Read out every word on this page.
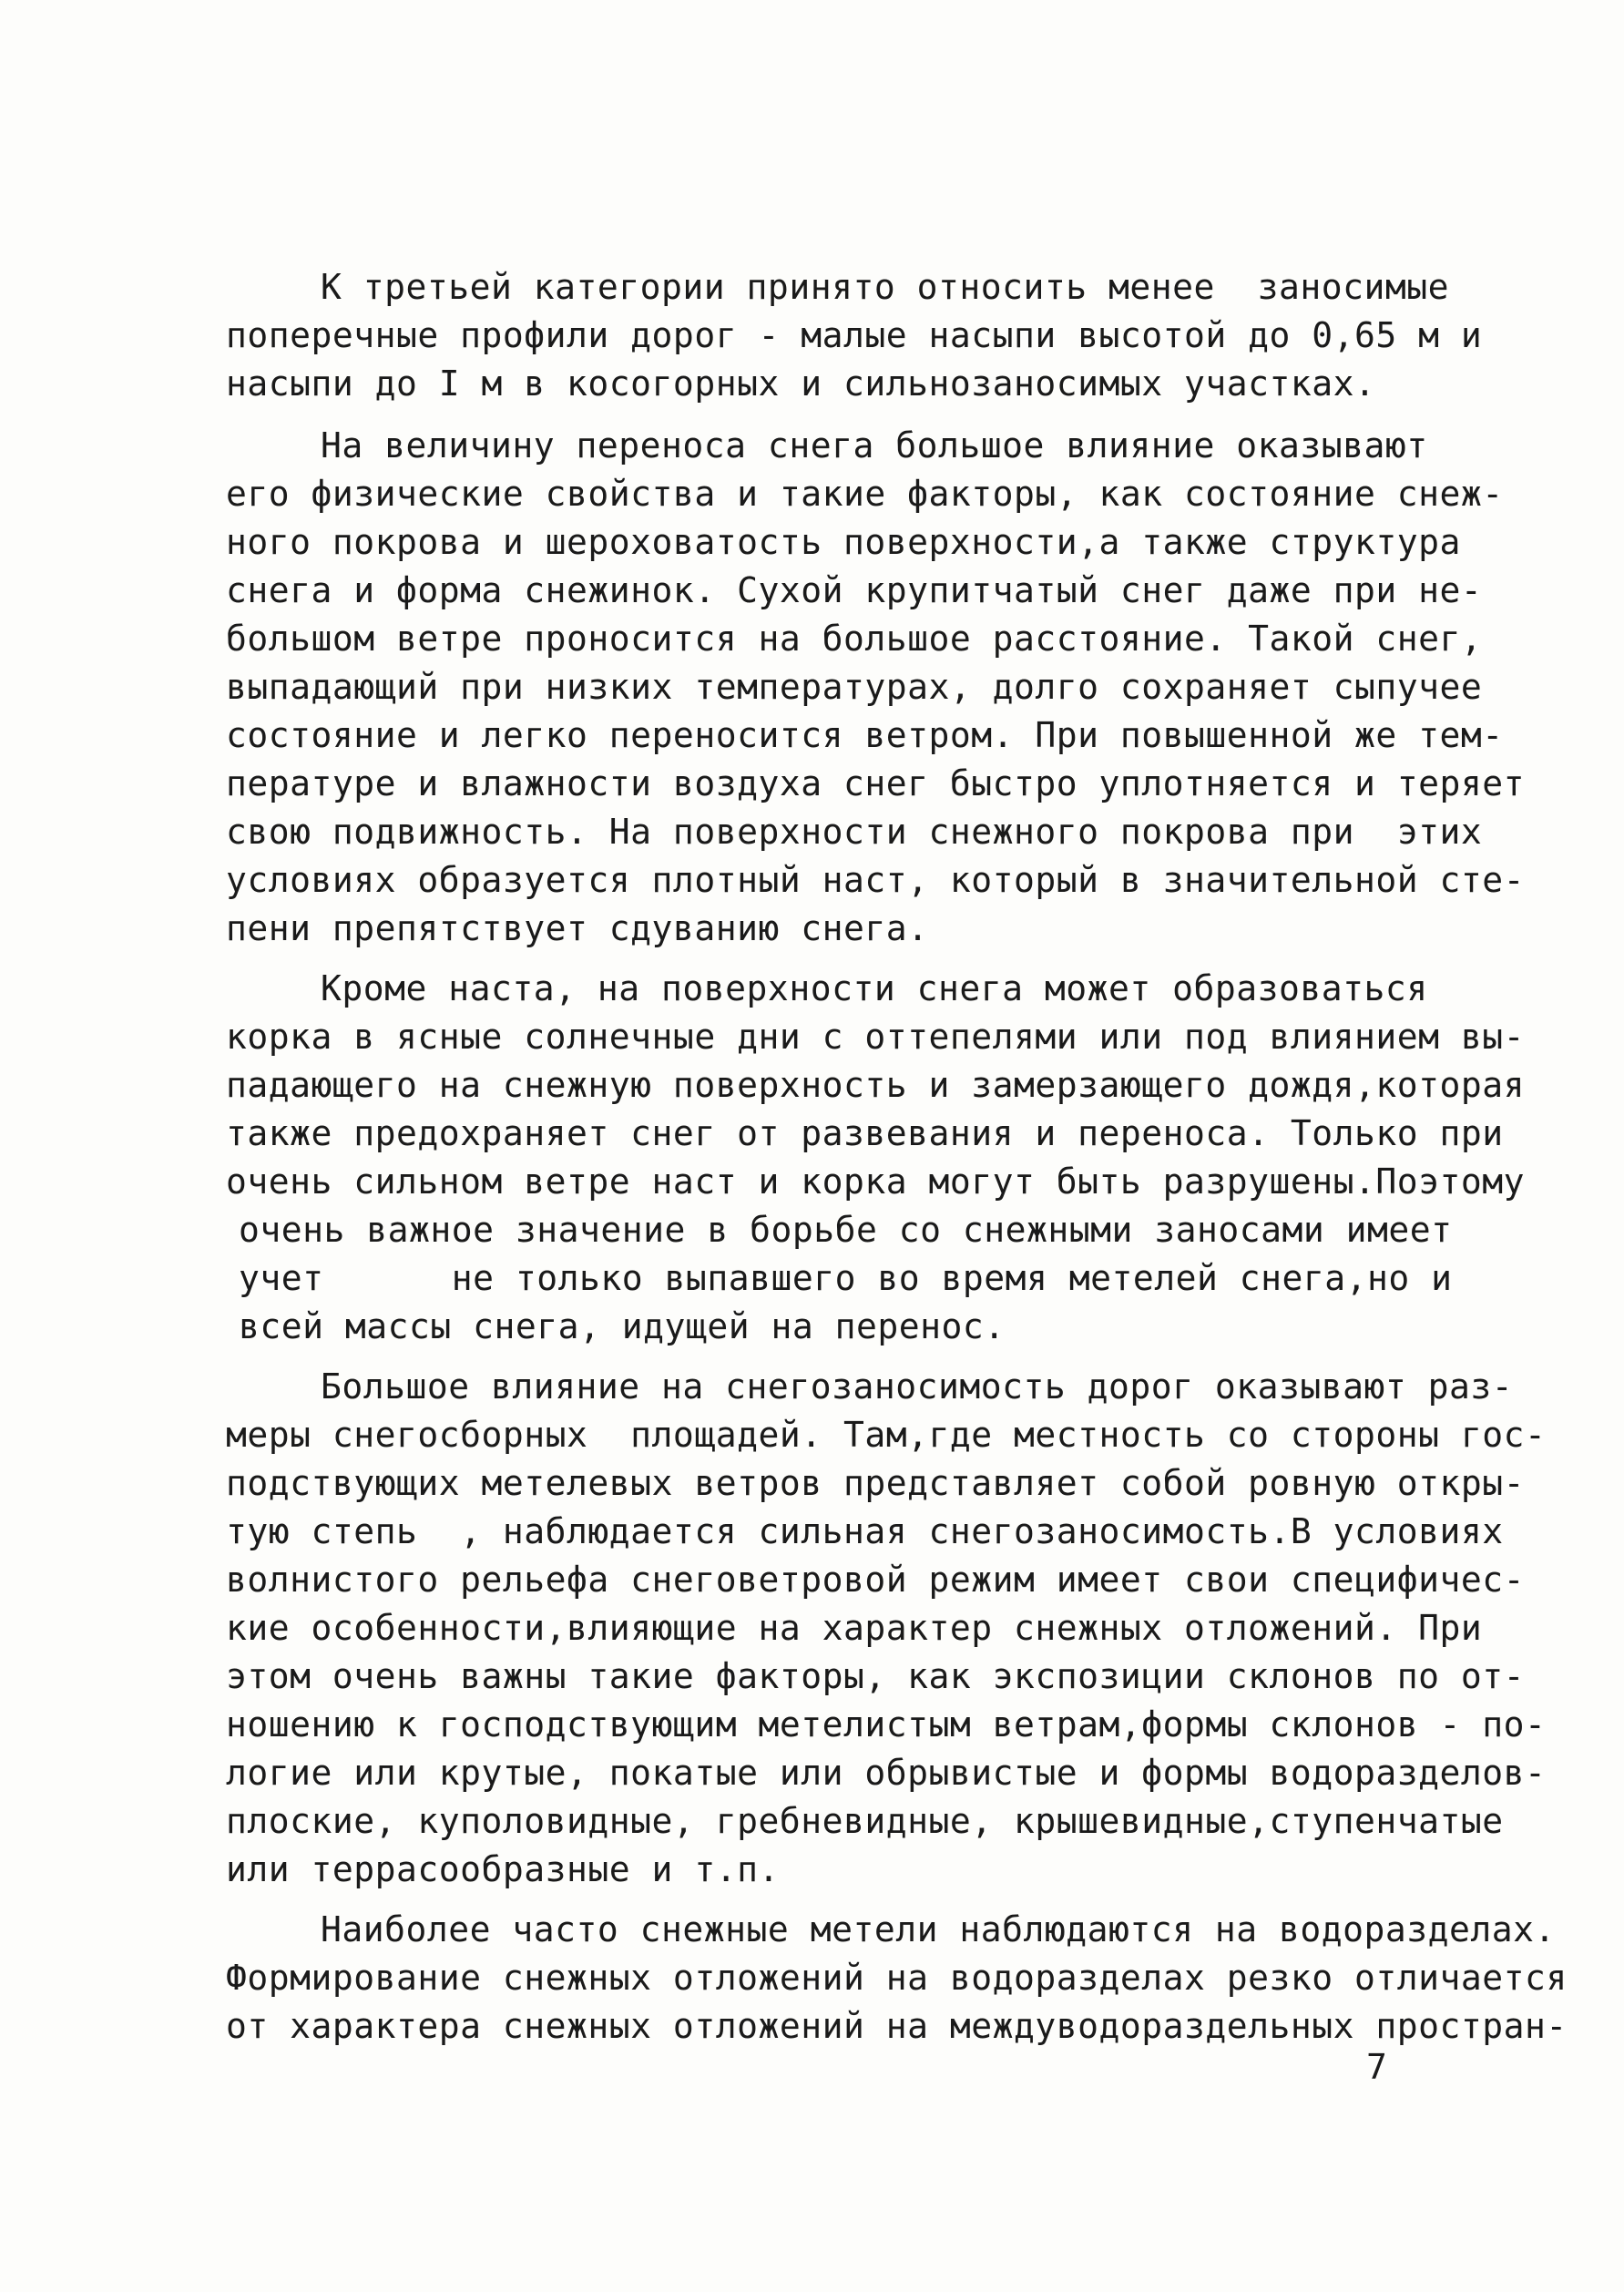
К третьей категории принято относить менее  заносимые
поперечные профили дорог - малые насыпи высотой до 0,65 м и
насыпи до I м в косогорных и сильнозаносимых участках.
На величину переноса снега большое влияние оказывают
его физические свойства и такие факторы, как состояние снеж-
ного покрова и шероховатость поверхности,а также структура
снега и форма снежинок. Сухой крупитчатый снег даже при не-
большом ветре проносится на большое расстояние. Такой снег,
выпадающий при низких температурах, долго сохраняет сыпучее
состояние и легко переносится ветром. При повышенной же тем-
пературе и влажности воздуха снег быстро уплотняется и теряет
свою подвижность. На поверхности снежного покрова при  этих
условиях образуется плотный наст, который в значительной сте-
пени препятствует сдуванию снега.
Кроме наста, на поверхности снега может образоваться
корка в ясные солнечные дни с оттепелями или под влиянием вы-
падающего на снежную поверхность и замерзающего дождя,которая
также предохраняет снег от развевания и переноса. Только при
очень сильном ветре наст и корка могут быть разрушены.Поэтому
очень важное значение в борьбе со снежными заносами имеет
учет      не только выпавшего во время метелей снега,но и
всей массы снега, идущей на перенос.
Большое влияние на снегозаносимость дорог оказывают раз-
меры снегосборных  площадей. Там,где местность со стороны гос-
подствующих метелевых ветров представляет собой ровную откры-
тую степь  , наблюдается сильная снегозаносимость.В условиях
волнистого рельефа снеговетровой режим имеет свои специфичес-
кие особенности,влияющие на характер снежных отложений. При
этом очень важны такие факторы, как экспозиции склонов по от-
ношению к господствующим метелистым ветрам,формы склонов - по-
логие или крутые, покатые или обрывистые и формы водоразделов-
плоские, куполовидные, гребневидные, крышевидные,ступенчатые
или террасообразные и т.п.
Наиболее часто снежные метели наблюдаются на водоразделах.
Формирование снежных отложений на водоразделах резко отличается
от характера снежных отложений на междуводораздельных простран-
7
